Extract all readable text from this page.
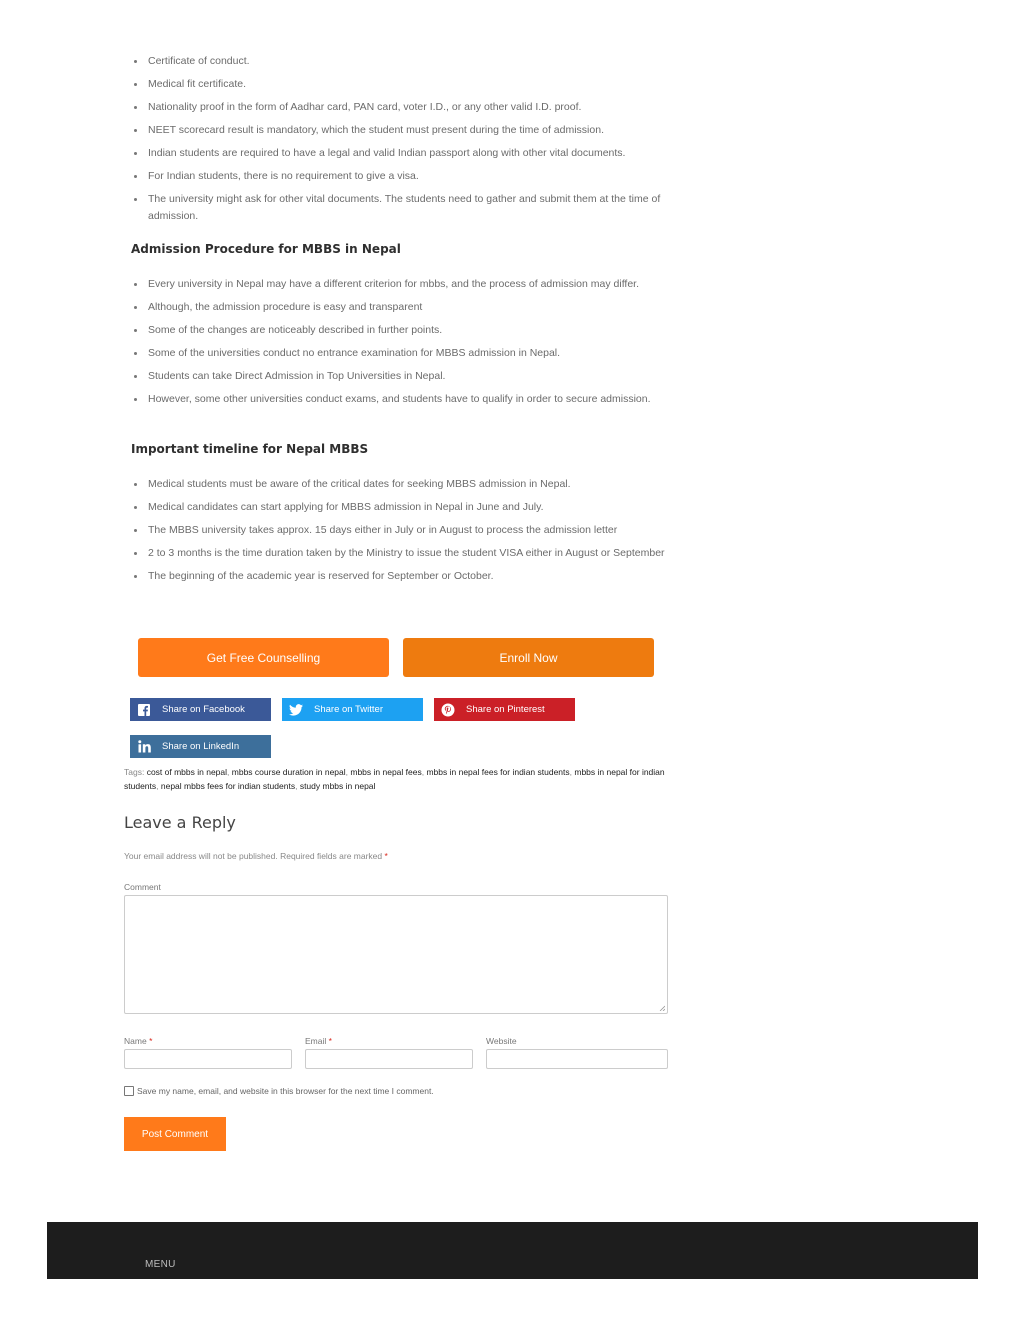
Certificate of conduct.
Medical fit certificate.
Nationality proof in the form of Aadhar card, PAN card, voter I.D., or any other valid I.D. proof.
NEET scorecard result is mandatory, which the student must present during the time of admission.
Indian students are required to have a legal and valid Indian passport along with other vital documents.
For Indian students, there is no requirement to give a visa.
The university might ask for other vital documents. The students need to gather and submit them at the time of admission.
Admission Procedure for MBBS in Nepal
Every university in Nepal may have a different criterion for mbbs, and the process of admission may differ.
Although, the admission procedure is easy and transparent
Some of the changes are noticeably described in further points.
Some of the universities conduct no entrance examination for MBBS admission in Nepal.
Students can take Direct Admission in Top Universities in Nepal.
However, some other universities conduct exams, and students have to qualify in order to secure admission.
Important timeline for Nepal MBBS
Medical students must be aware of the critical dates for seeking MBBS admission in Nepal.
Medical candidates can start applying for MBBS admission in Nepal in June and July.
The MBBS university takes approx. 15 days either in July or in August to process the admission letter
2 to 3 months is the time duration taken by the Ministry to issue the student VISA either in August or September
The beginning of the academic year is reserved for September or October.
Get Free Counselling	Enroll Now
Share on Facebook	Share on Twitter	Share on Pinterest
Share on LinkedIn
Tags: cost of mbbs in nepal, mbbs course duration in nepal, mbbs in nepal fees, mbbs in nepal fees for indian students, mbbs in nepal for indian students, nepal mbbs fees for indian students, study mbbs in nepal
Leave a Reply
Your email address will not be published. Required fields are marked *
Comment
Name *	Email *	Website
Save my name, email, and website in this browser for the next time I comment.
Post Comment
MENU
